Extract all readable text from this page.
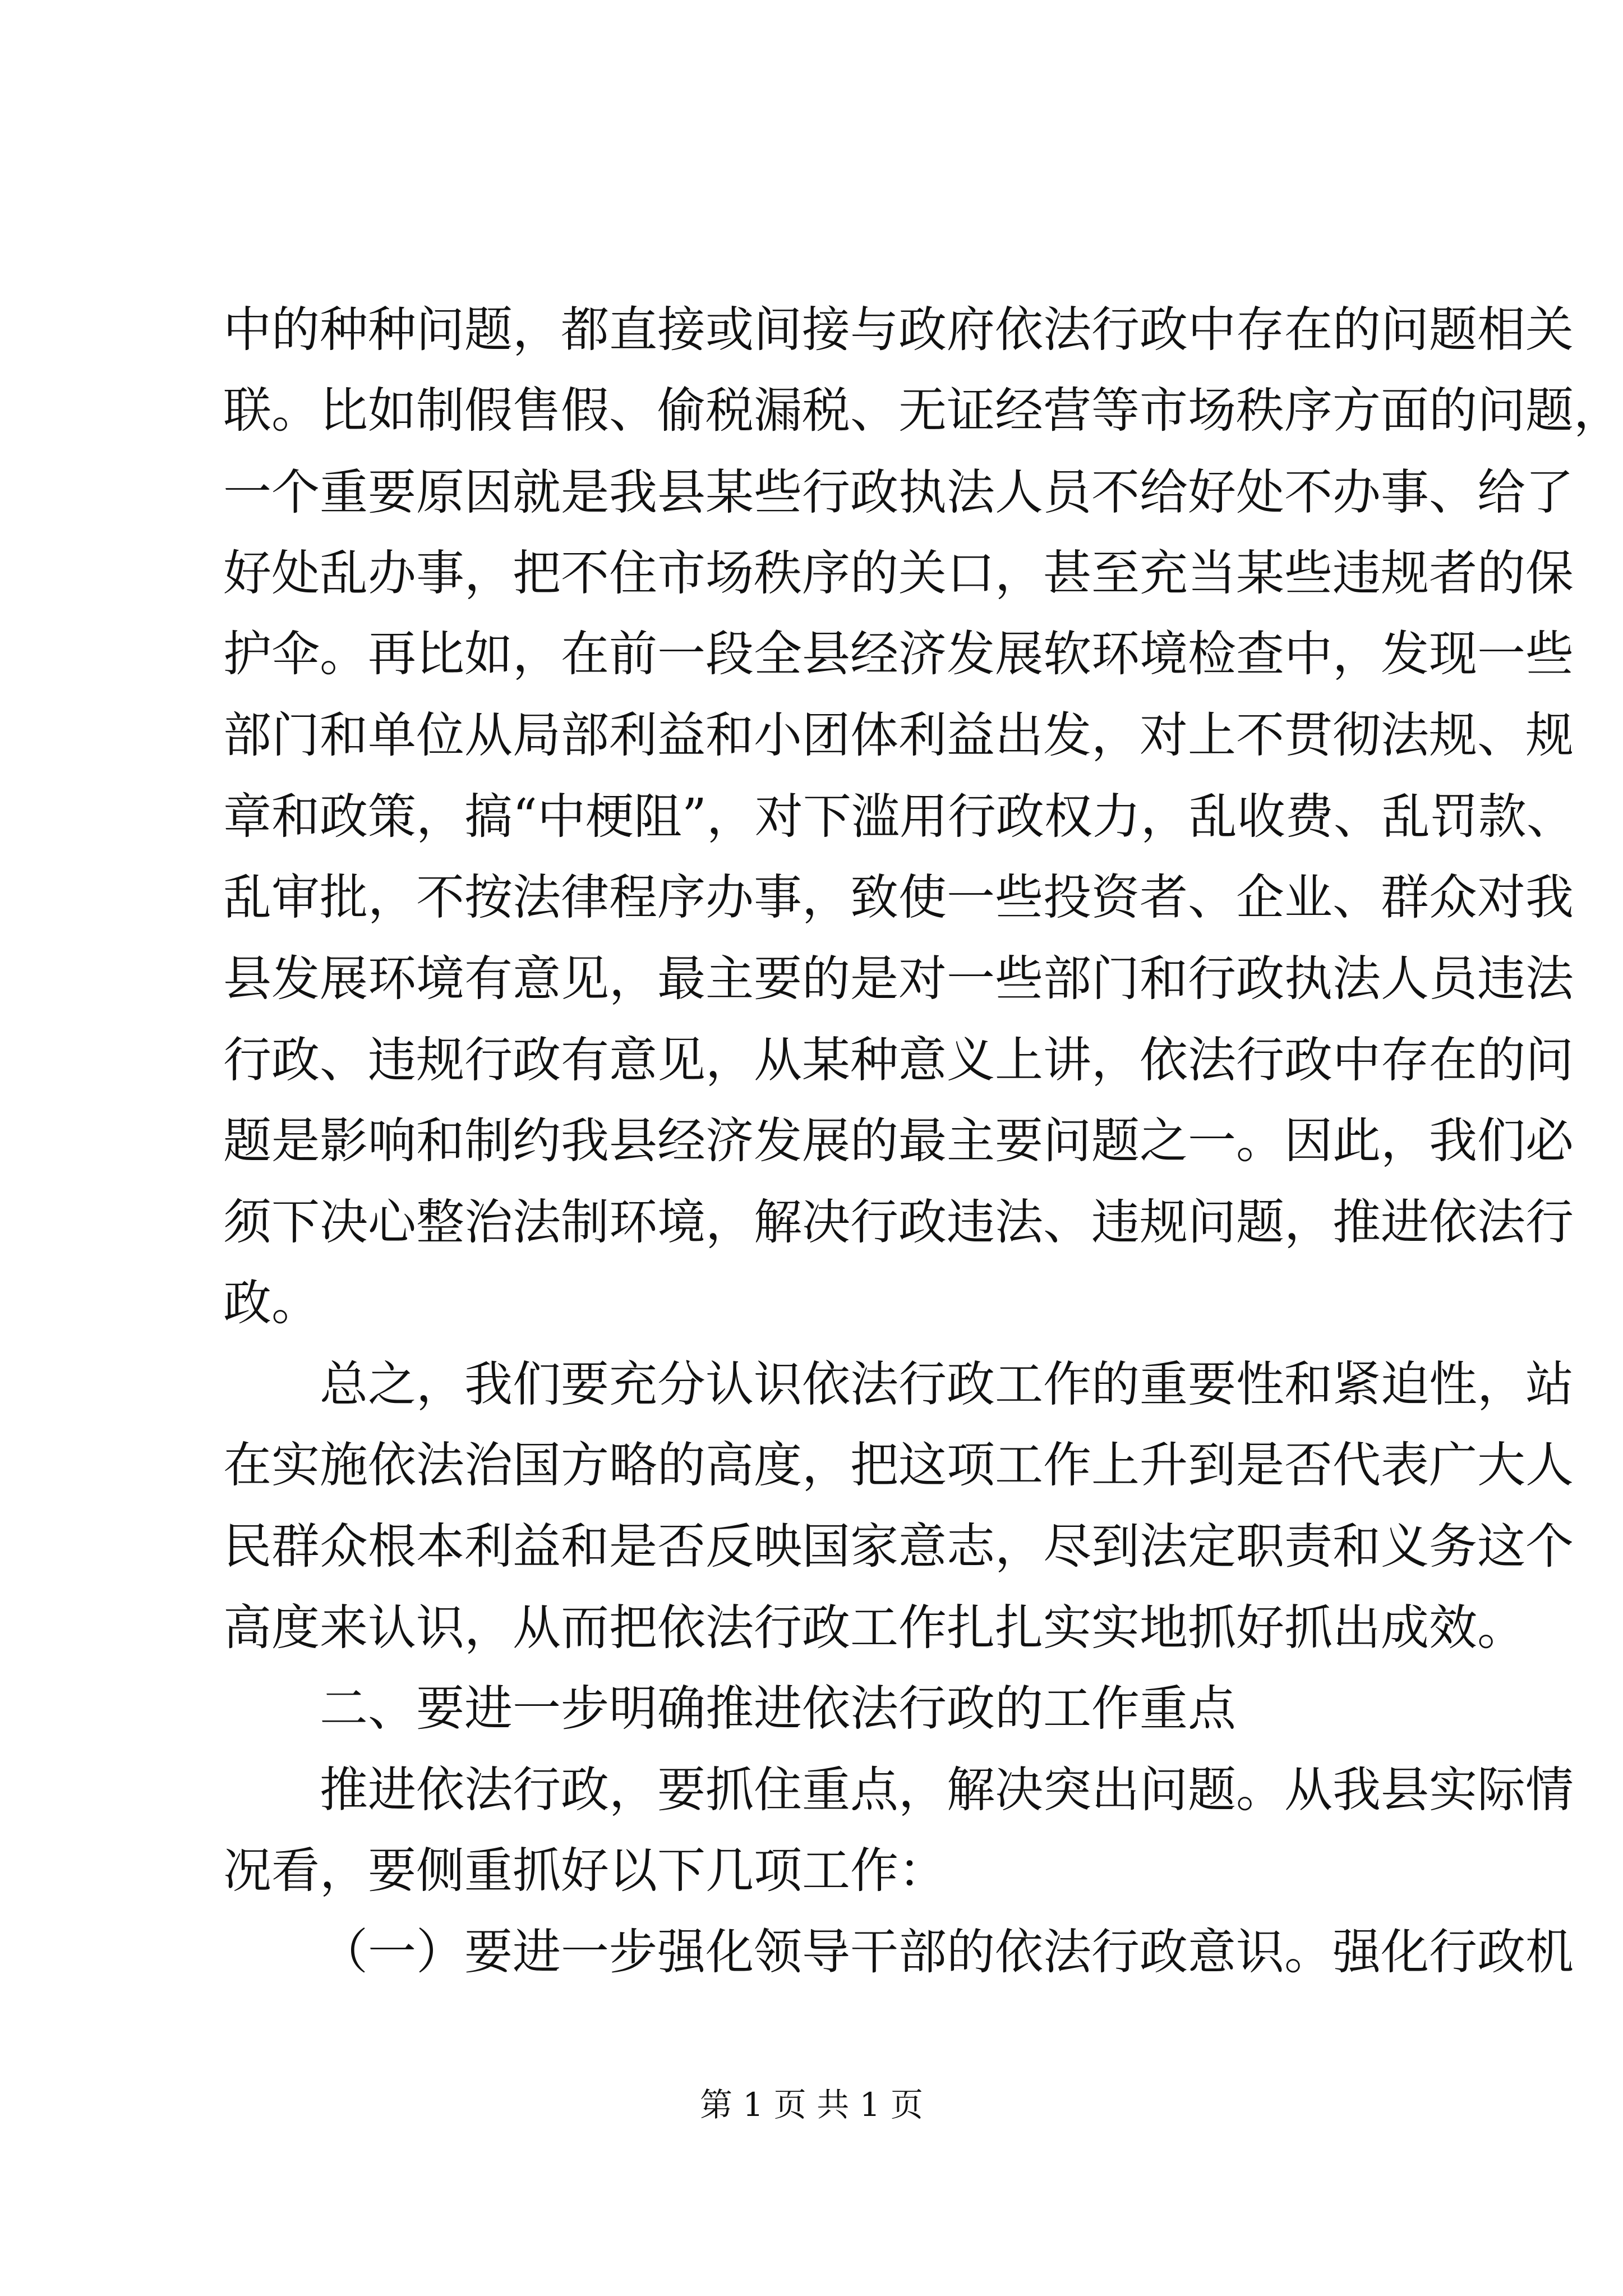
中的种种问题，都直接或间接与政府依法行政中存在的问题相关
联。比如制假售假、偷税漏税、无证经营等市场秩序方面的问题，
一个重要原因就是我县某些行政执法人员不给好处不办事、给了
好处乱办事，把不住市场秩序的关口，甚至充当某些违规者的保
护伞。再比如，在前一段全县经济发展软环境检查中，发现一些
部门和单位从局部利益和小团体利益出发，对上不贯彻法规、规
章和政策，搞“中梗阻”，对下滥用行政权力，乱收费、乱罚款、
乱审批，不按法律程序办事，致使一些投资者、企业、群众对我
县发展环境有意见，最主要的是对一些部门和行政执法人员违法
行政、违规行政有意见，从某种意义上讲，依法行政中存在的问
题是影响和制约我县经济发展的最主要问题之一。因此，我们必
须下决心整治法制环境，解决行政违法、违规问题，推进依法行
政。
总之，我们要充分认识依法行政工作的重要性和紧迫性，站
在实施依法治国方略的高度，把这项工作上升到是否代表广大人
民群众根本利益和是否反映国家意志，尽到法定职责和义务这个
高度来认识，从而把依法行政工作扎扎实实地抓好抓出成效。
二、要进一步明确推进依法行政的工作重点
推进依法行政，要抓住重点，解决突出问题。从我县实际情
况看，要侧重抓好以下几项工作：
（一）要进一步强化领导干部的依法行政意识。强化行政机
第 1 页 共 1 页
